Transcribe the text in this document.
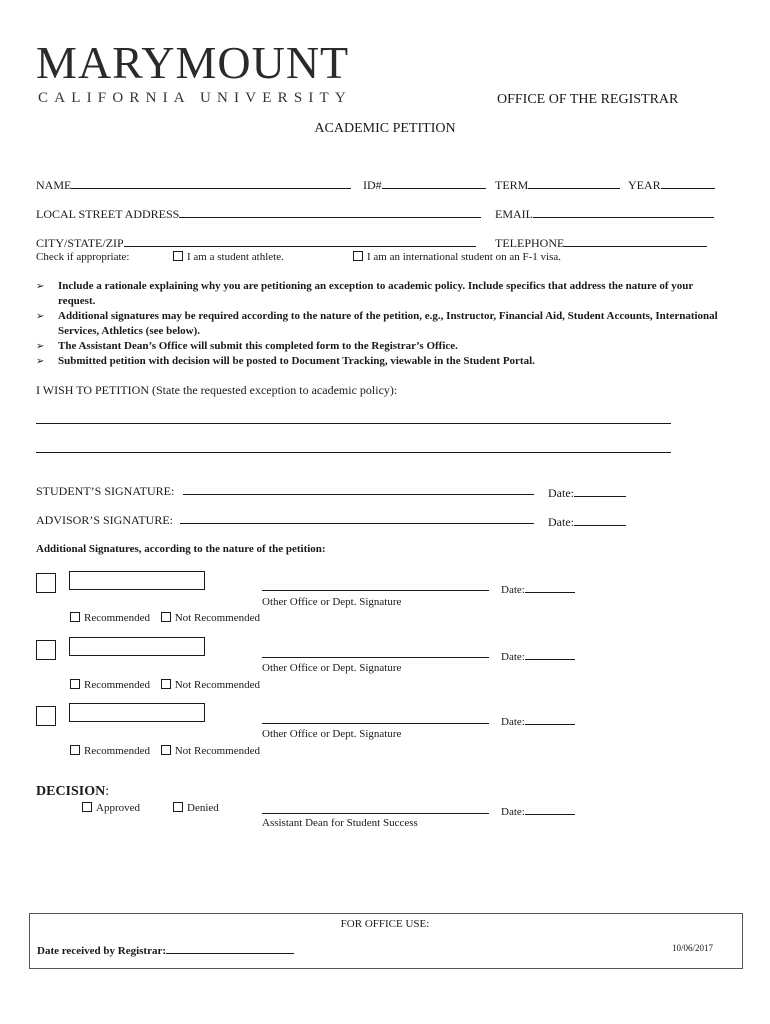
MARYMOUNT
CALIFORNIA UNIVERSITY	OFFICE OF THE REGISTRAR
ACADEMIC PETITION
NAME	ID#	TERM	YEAR
LOCAL STREET ADDRESS	EMAIL
CITY/STATE/ZIP	TELEPHONE
Check if appropriate:	I am a student athlete.	I am an international student on an F-1 visa.
➢ Include a rationale explaining why you are petitioning an exception to academic policy. Include specifics that address the nature of your request.
➢ Additional signatures may be required according to the nature of the petition, e.g., Instructor, Financial Aid, Student Accounts, International Services, Athletics (see below).
➢ The Assistant Dean’s Office will submit this completed form to the Registrar’s Office.
➢ Submitted petition with decision will be posted to Document Tracking, viewable in the Student Portal.
I WISH TO PETITION (State the requested exception to academic policy):
STUDENT’S SIGNATURE:	Date:
ADVISOR’S SIGNATURE:	Date:
Additional Signatures, according to the nature of the petition:
Date:
Other Office or Dept. Signature
Recommended Not Recommended
Date:
Other Office or Dept. Signature
Recommended Not Recommended
Date:
Other Office or Dept. Signature
Recommended Not Recommended
DECISION:
Approved	Denied	Date:
Assistant Dean for Student Success
FOR OFFICE USE:
Date received by Registrar:	10/06/2017
